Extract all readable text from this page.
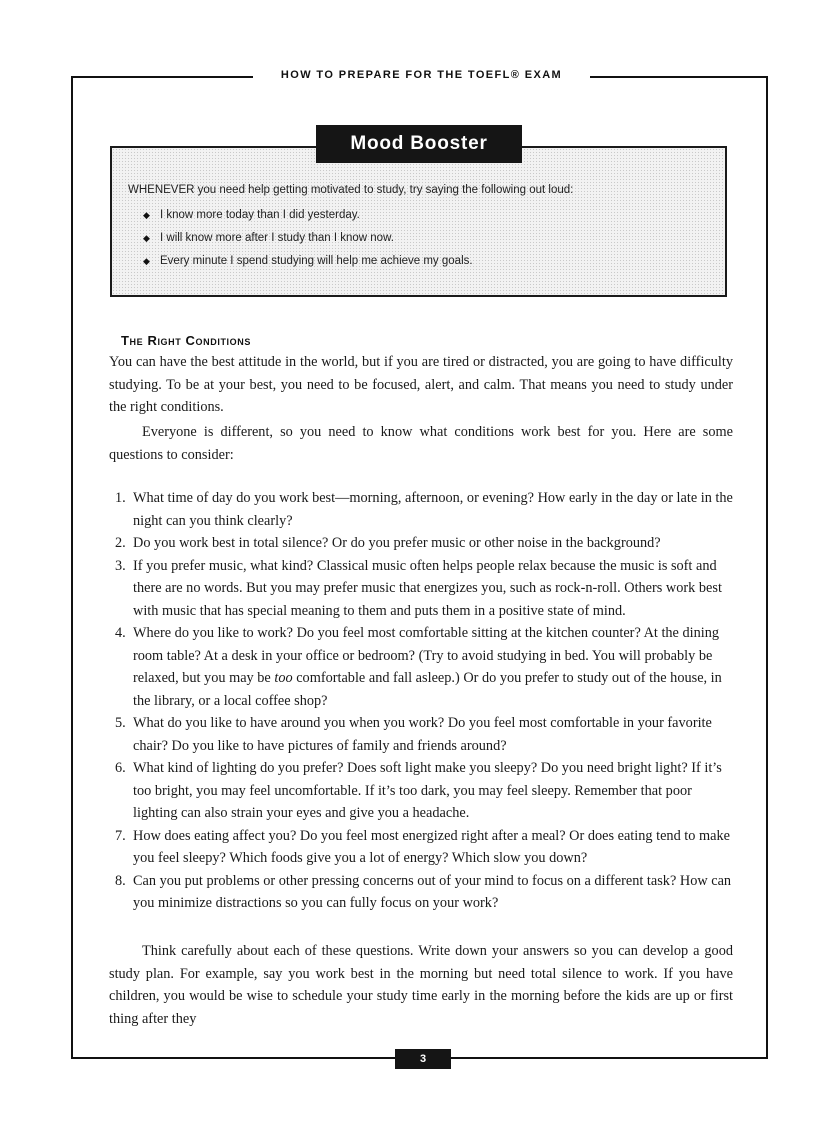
HOW TO PREPARE FOR THE TOEFL® EXAM
Mood Booster
WHENEVER you need help getting motivated to study, try saying the following out loud:
◆ I know more today than I did yesterday.
◆ I will know more after I study than I know now.
◆ Every minute I spend studying will help me achieve my goals.
The Right Conditions

You can have the best attitude in the world, but if you are tired or distracted, you are going to have difficulty studying. To be at your best, you need to be focused, alert, and calm. That means you need to study under the right conditions.

Everyone is different, so you need to know what conditions work best for you. Here are some questions to consider:

1. What time of day do you work best—morning, afternoon, or evening? How early in the day or late in the night can you think clearly?
2. Do you work best in total silence? Or do you prefer music or other noise in the background?
3. If you prefer music, what kind? Classical music often helps people relax because the music is soft and there are no words. But you may prefer music that energizes you, such as rock-n-roll. Others work best with music that has special meaning to them and puts them in a positive state of mind.
4. Where do you like to work? Do you feel most comfortable sitting at the kitchen counter? At the dining room table? At a desk in your office or bedroom? (Try to avoid studying in bed. You will probably be relaxed, but you may be too comfortable and fall asleep.) Or do you prefer to study out of the house, in the library, or a local coffee shop?
5. What do you like to have around you when you work? Do you feel most comfortable in your favorite chair? Do you like to have pictures of family and friends around?
6. What kind of lighting do you prefer? Does soft light make you sleepy? Do you need bright light? If it’s too bright, you may feel uncomfortable. If it’s too dark, you may feel sleepy. Remember that poor lighting can also strain your eyes and give you a headache.
7. How does eating affect you? Do you feel most energized right after a meal? Or does eating tend to make you feel sleepy? Which foods give you a lot of energy? Which slow you down?
8. Can you put problems or other pressing concerns out of your mind to focus on a different task? How can you minimize distractions so you can fully focus on your work?

Think carefully about each of these questions. Write down your answers so you can develop a good study plan. For example, say you work best in the morning but need total silence to work. If you have children, you would be wise to schedule your study time early in the morning before the kids are up or first thing after they

3
